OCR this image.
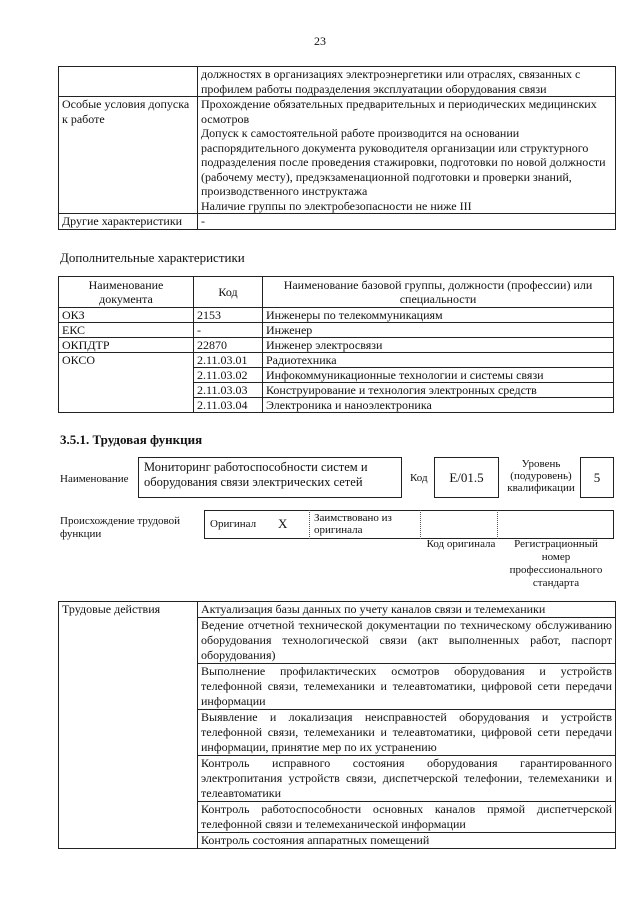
23
	должностях в организациях электроэнергетики или отраслях, связанных с профилем работы подразделения эксплуатации оборудования связи
Особые условия допуска к работе	Прохождение обязательных предварительных и периодических медицинских осмотров

Допуск к самостоятельной работе производится на основании распорядительного документа руководителя организации или структурного подразделения после проведения стажировки, подготовки по новой должности (рабочему месту), предэкзаменационной подготовки и проверки знаний, производственного инструктажа

Наличие группы по электробезопасности не ниже III

Другие характеристики	-
Дополнительные характеристики
Наименование документа	Код	Наименование базовой группы, должности (профессии) или специальности
ОКЗ	2153	Инженеры по телекоммуникациям
ЕКС	-	Инженер
ОКПДТР	22870	Инженер электросвязи
ОКСО	2.11.03.01	Радиотехника
	2.11.03.02	Инфокоммуникационные технологии и системы связи
	2.11.03.03	Конструирование и технология электронных средств
	2.11.03.04	Электроника и наноэлектроника
3.5.1. Трудовая функция
Наименование
Мониторинг работоспособности систем и оборудования связи электрических сетей	Код	E/01.5
Уровень (подуровень) квалификации
5
Происхождение трудовой функции
Оригинал X Заимствовано из оригинала
Код оригинала	Регистрационный номер профессионального стандарта
Трудовые действия	Актуализация базы данных по учету каналов связи и телемеханики
Ведение отчетной технической документации по техническому обслуживанию оборудования технологической связи (акт выполненных работ, паспорт оборудования)
Выполнение профилактических осмотров оборудования и устройств телефонной связи, телемеханики и телеавтоматики, цифровой сети передачи информации
Выявление и локализация неисправностей оборудования и устройств телефонной связи, телемеханики и телеавтоматики, цифровой сети передачи информации, принятие мер по их устранению
Контроль исправного состояния оборудования гарантированного электропитания устройств связи, диспетчерской телефонии, телемеханики и телеавтоматики
Контроль работоспособности основных каналов прямой диспетчерской телефонной связи и телемеханической информации
Контроль состояния аппаратных помещений
